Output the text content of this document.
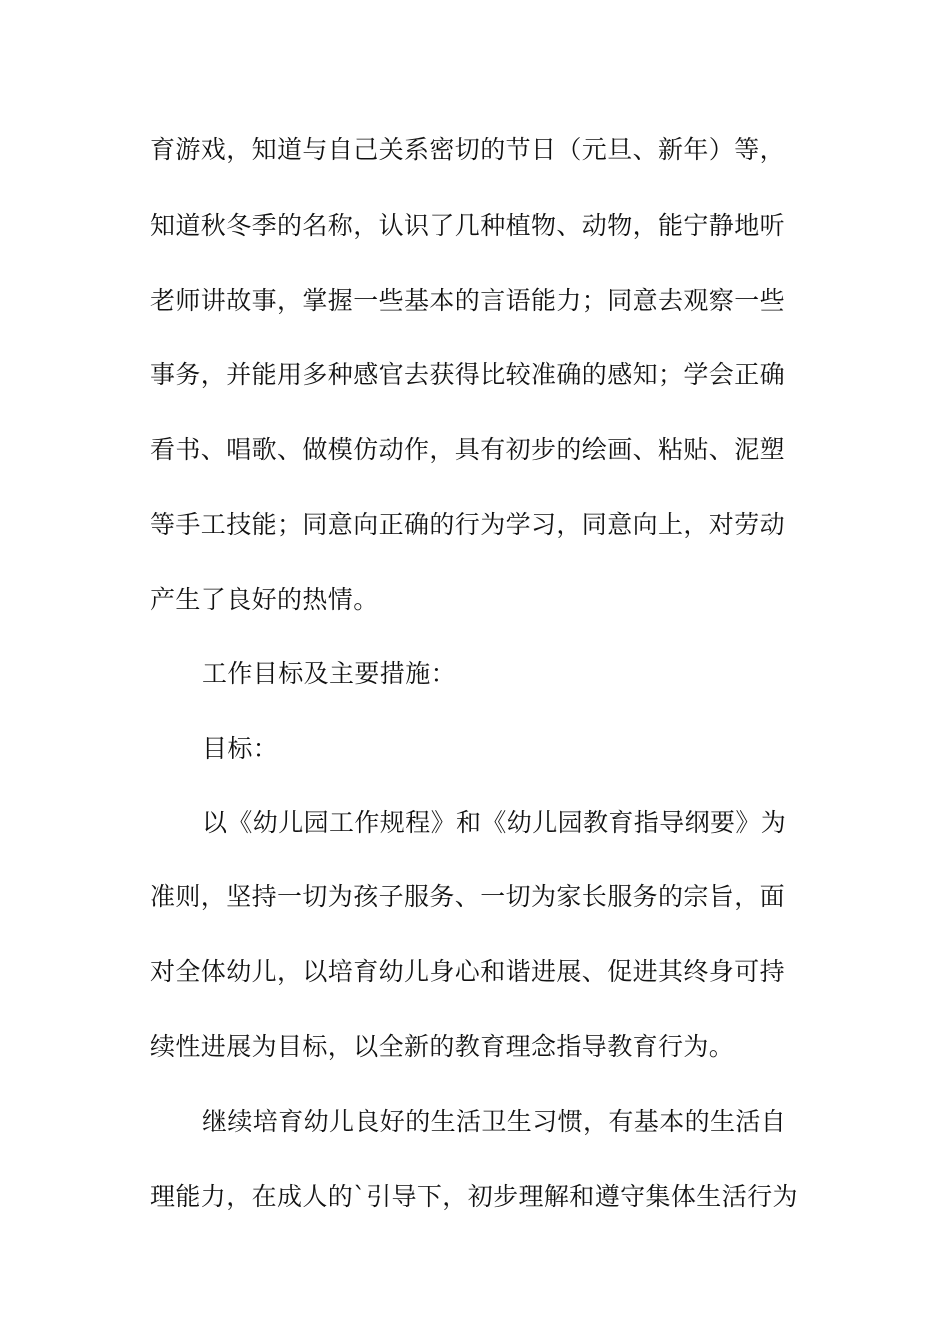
育游戏，知道与自己关系密切的节日（元旦、新年）等，
知道秋冬季的名称，认识了几种植物、动物，能宁静地听
老师讲故事，掌握一些基本的言语能力；同意去观察一些
事务，并能用多种感官去获得比较准确的感知；学会正确
看书、唱歌、做模仿动作，具有初步的绘画、粘贴、泥塑
等手工技能；同意向正确的行为学习，同意向上，对劳动
产生了良好的热情。
工作目标及主要措施：
目标：
以《幼儿园工作规程》和《幼儿园教育指导纲要》为
准则，坚持一切为孩子服务、一切为家长服务的宗旨，面
对全体幼儿，以培育幼儿身心和谐进展、促进其终身可持
续性进展为目标，以全新的教育理念指导教育行为。
继续培育幼儿良好的生活卫生习惯，有基本的生活自
理能力，在成人的`引导下，初步理解和遵守集体生活行为
